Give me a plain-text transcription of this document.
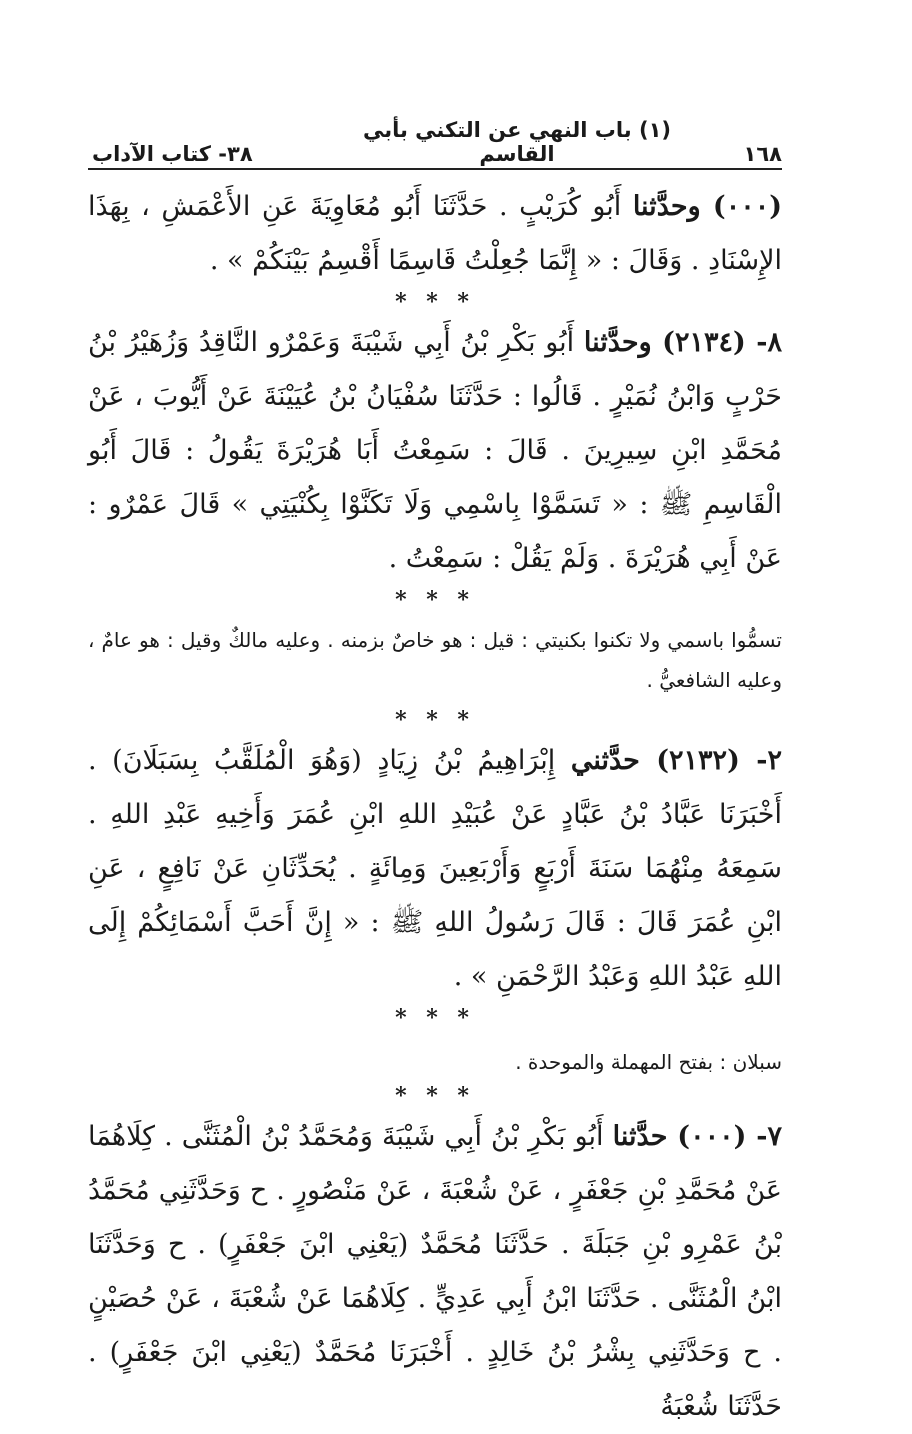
١٦٨
(١) باب النهي عن التكني بأبي القاسم
٣٨- كتاب الآداب

(٠٠٠) وحدَّثنا أَبُو كُرَيْبٍ . حَدَّثَنَا أَبُو مُعَاوِيَةَ عَنِ الأَعْمَشِ ، بِهَذَا الإِسْنَادِ . وَقَالَ : « إِنَّمَا جُعِلْتُ قَاسِمًا أَقْسِمُ بَيْنَكُمْ » .

* * *

٨- (٢١٣٤) وحدَّثنا أَبُو بَكْرِ بْنُ أَبِي شَيْبَةَ وَعَمْرٌو النَّاقِدُ وَزُهَيْرُ بْنُ حَرْبٍ وَابْنُ نُمَيْرٍ . قَالُوا : حَدَّثَنَا سُفْيَانُ بْنُ عُيَيْنَةَ عَنْ أَيُّوبَ ، عَنْ مُحَمَّدِ ابْنِ سِيرِينَ . قَالَ : سَمِعْتُ أَبَا هُرَيْرَةَ يَقُولُ : قَالَ أَبُو الْقَاسِمِ ﷺ : « تَسَمَّوْا بِاسْمِي وَلَا تَكَنَّوْا بِكُنْيَتِي » قَالَ عَمْرٌو : عَنْ أَبِي هُرَيْرَةَ . وَلَمْ يَقُلْ : سَمِعْتُ .

* * *

تسمُّوا باسمي ولا تكنوا بكنيتي : قيل : هو خاصٌ بزمنه . وعليه مالكٌ وقيل : هو عامٌ ، وعليه الشافعيُّ .

* * *

٢- (٢١٣٢) حدَّثني إِبْرَاهِيمُ بْنُ زِيَادٍ (وَهُوَ الْمُلَقَّبُ بِسَبَلَانَ) . أَخْبَرَنَا عَبَّادُ بْنُ عَبَّادٍ عَنْ عُبَيْدِ اللهِ ابْنِ عُمَرَ وَأَخِيهِ عَبْدِ اللهِ . سَمِعَهُ مِنْهُمَا سَنَةَ أَرْبَعٍ وَأَرْبَعِينَ وَمِائَةٍ . يُحَدِّثَانِ عَنْ نَافِعٍ ، عَنِ ابْنِ عُمَرَ قَالَ : قَالَ رَسُولُ اللهِ ﷺ : « إِنَّ أَحَبَّ أَسْمَائِكُمْ إِلَى اللهِ عَبْدُ اللهِ وَعَبْدُ الرَّحْمَنِ » .

* * *

سبلان : بفتح المهملة والموحدة .

* * *

٧- (٠٠٠) حدَّثنا أَبُو بَكْرِ بْنُ أَبِي شَيْبَةَ وَمُحَمَّدُ بْنُ الْمُثَنَّى . كِلَاهُمَا عَنْ مُحَمَّدِ بْنِ جَعْفَرٍ ، عَنْ شُعْبَةَ ، عَنْ مَنْصُورٍ . ح وَحَدَّثَنِي مُحَمَّدُ بْنُ عَمْرِو بْنِ جَبَلَةَ . حَدَّثَنَا مُحَمَّدٌ (يَعْنِي ابْنَ جَعْفَرٍ) . ح وَحَدَّثَنَا ابْنُ الْمُثَنَّى . حَدَّثَنَا ابْنُ أَبِي عَدِيٍّ . كِلَاهُمَا عَنْ شُعْبَةَ ، عَنْ حُصَيْنٍ . ح وَحَدَّثَنِي بِشْرُ بْنُ خَالِدٍ . أَخْبَرَنَا مُحَمَّدٌ (يَعْنِي ابْنَ جَعْفَرٍ) . حَدَّثَنَا شُعْبَةُ
